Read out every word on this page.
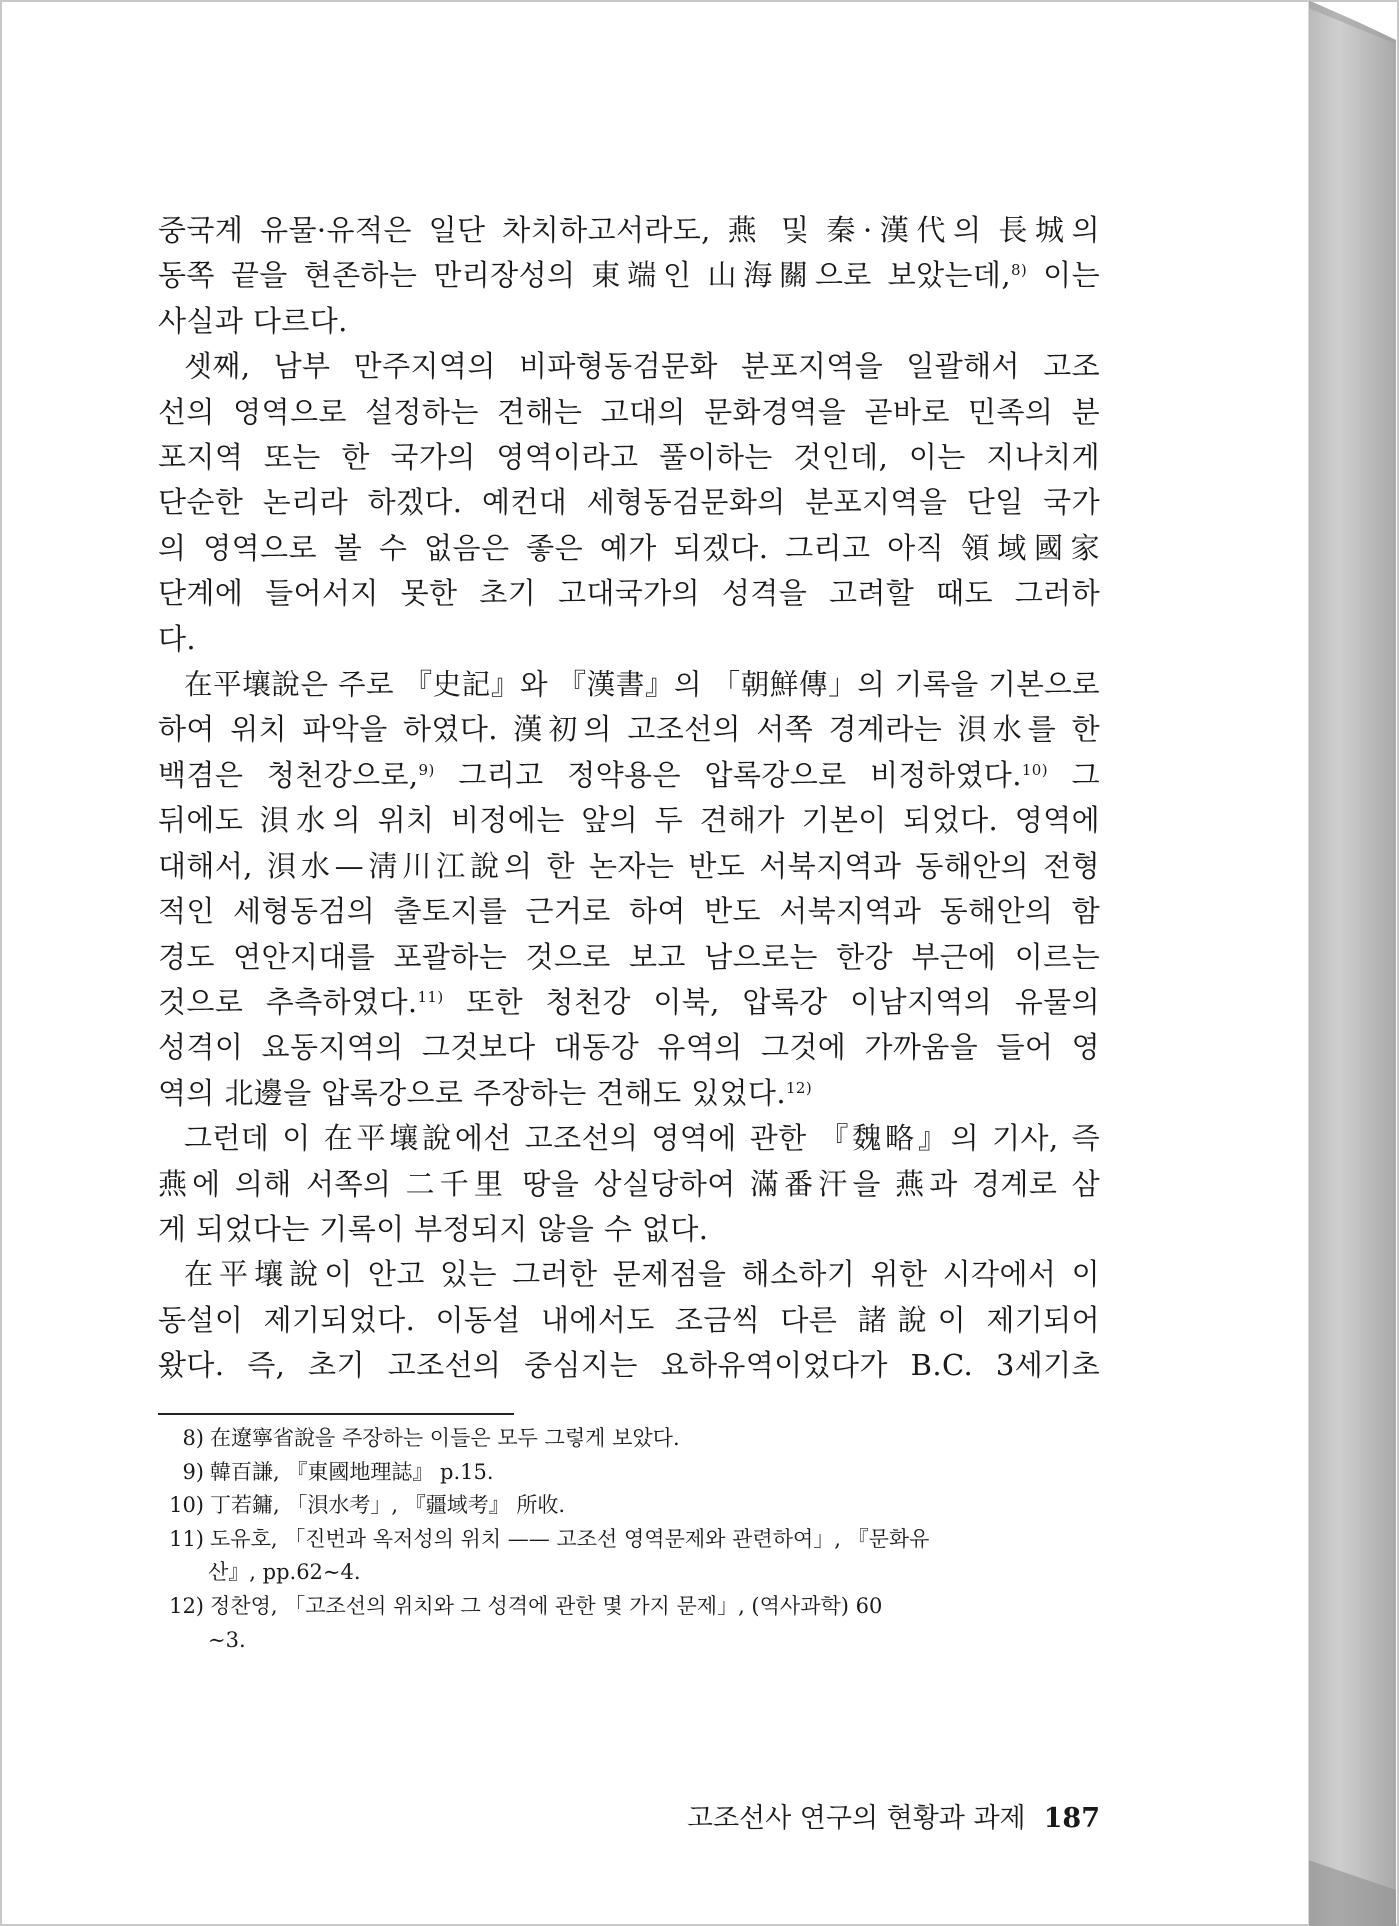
중국계 유물·유적은 일단 차치하고서라도, 燕 및 秦·漢代의 長城의
동쪽 끝을 현존하는 만리장성의 東端인 山海關으로 보았는데,$^{8)}$ 이는
사실과 다르다.
셋째, 남부 만주지역의 비파형동검문화 분포지역을 일괄해서 고조
선의 영역으로 설정하는 견해는 고대의 문화경역을 곧바로 민족의 분
포지역 또는 한 국가의 영역이라고 풀이하는 것인데, 이는 지나치게
단순한 논리라 하겠다. 예컨대 세형동검문화의 분포지역을 단일 국가
의 영역으로 볼 수 없음은 좋은 예가 되겠다. 그리고 아직 領域國家
단계에 들어서지 못한 초기 고대국가의 성격을 고려할 때도 그러하
다.
在平壤說은 주로 『史記』와 『漢書』의 「朝鮮傳」의 기록을 기본으로
하여 위치 파악을 하였다. 漢初의 고조선의 서쪽 경계라는 浿水를 한
백겸은 청천강으로,$^{9)}$ 그리고 정약용은 압록강으로 비정하였다.$^{10)}$ 그
뒤에도 浿水의 위치 비정에는 앞의 두 견해가 기본이 되었다. 영역에
대해서, 浿水—淸川江說의 한 논자는 반도 서북지역과 동해안의 전형
적인 세형동검의 출토지를 근거로 하여 반도 서북지역과 동해안의 함
경도 연안지대를 포괄하는 것으로 보고 남으로는 한강 부근에 이르는
것으로 추측하였다.$^{11)}$ 또한 청천강 이북, 압록강 이남지역의 유물의
성격이 요동지역의 그것보다 대동강 유역의 그것에 가까움을 들어 영
역의 北邊을 압록강으로 주장하는 견해도 있었다.$^{12)}$
그런데 이 在平壤說에선 고조선의 영역에 관한 『魏略』의 기사, 즉
燕에 의해 서쪽의 二千里 땅을 상실당하여 滿番汗을 燕과 경계로 삼
게 되었다는 기록이 부정되지 않을 수 없다.
在平壤說이 안고 있는 그러한 문제점을 해소하기 위한 시각에서 이
동설이 제기되었다. 이동설 내에서도 조금씩 다른 諸說이 제기되어
왔다. 즉, 초기 고조선의 중심지는 요하유역이었다가 B.C. 3세기초
8) 在遼寧省說을 주장하는 이들은 모두 그렇게 보았다.
9) 韓百謙, 『東國地理誌』 p.15.
10) 丁若鏞, 「浿水考」, 『疆域考』 所收.
11) 도유호, 「진번과 옥저성의 위치 —— 고조선 영역문제와 관련하여」, 『문화유
산』, pp.62∼4.
12) 정찬영, 「고조선의 위치와 그 성격에 관한 몇 가지 문제」, (역사과학) 60
∼3.
고조선사 연구의 현황과 과제 187
